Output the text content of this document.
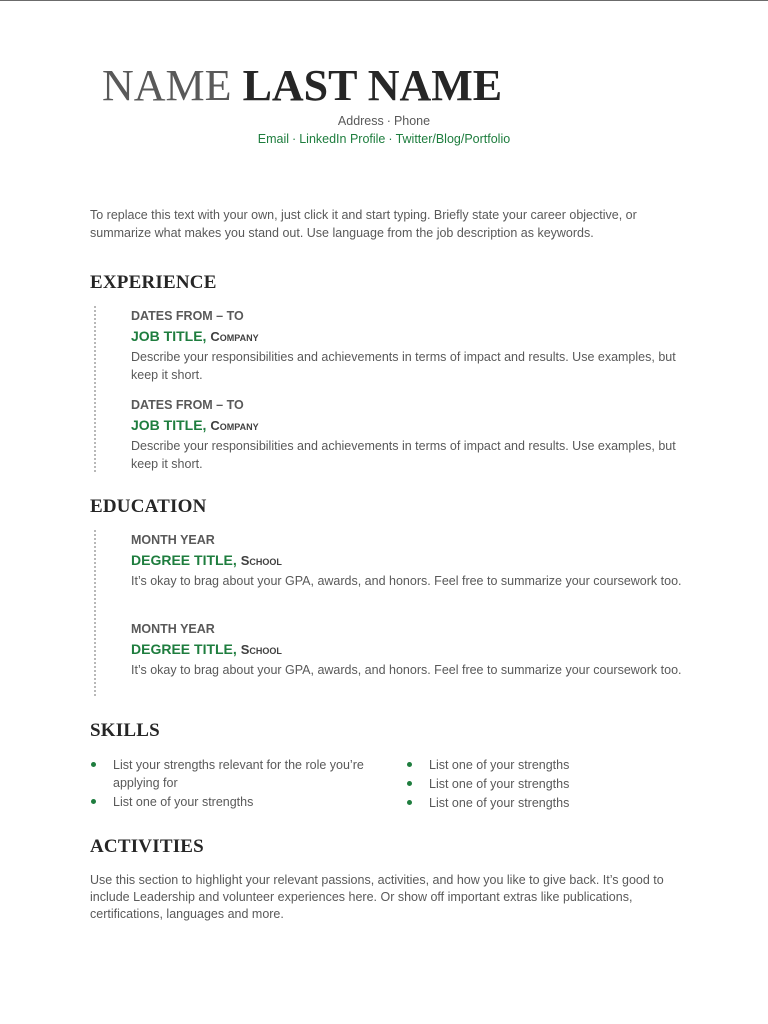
NAME LAST NAME
Address · Phone
Email · LinkedIn Profile · Twitter/Blog/Portfolio
To replace this text with your own, just click it and start typing. Briefly state your career objective, or summarize what makes you stand out. Use language from the job description as keywords.
EXPERIENCE
DATES FROM – TO
JOB TITLE, Company
Describe your responsibilities and achievements in terms of impact and results. Use examples, but keep it short.
DATES FROM – TO
JOB TITLE, Company
Describe your responsibilities and achievements in terms of impact and results. Use examples, but keep it short.
EDUCATION
MONTH YEAR
DEGREE TITLE, School
It’s okay to brag about your GPA, awards, and honors. Feel free to summarize your coursework too.
MONTH YEAR
DEGREE TITLE, School
It’s okay to brag about your GPA, awards, and honors. Feel free to summarize your coursework too.
SKILLS
List your strengths relevant for the role you’re applying for
List one of your strengths
List one of your strengths
List one of your strengths
List one of your strengths
ACTIVITIES
Use this section to highlight your relevant passions, activities, and how you like to give back. It’s good to include Leadership and volunteer experiences here. Or show off important extras like publications, certifications, languages and more.
